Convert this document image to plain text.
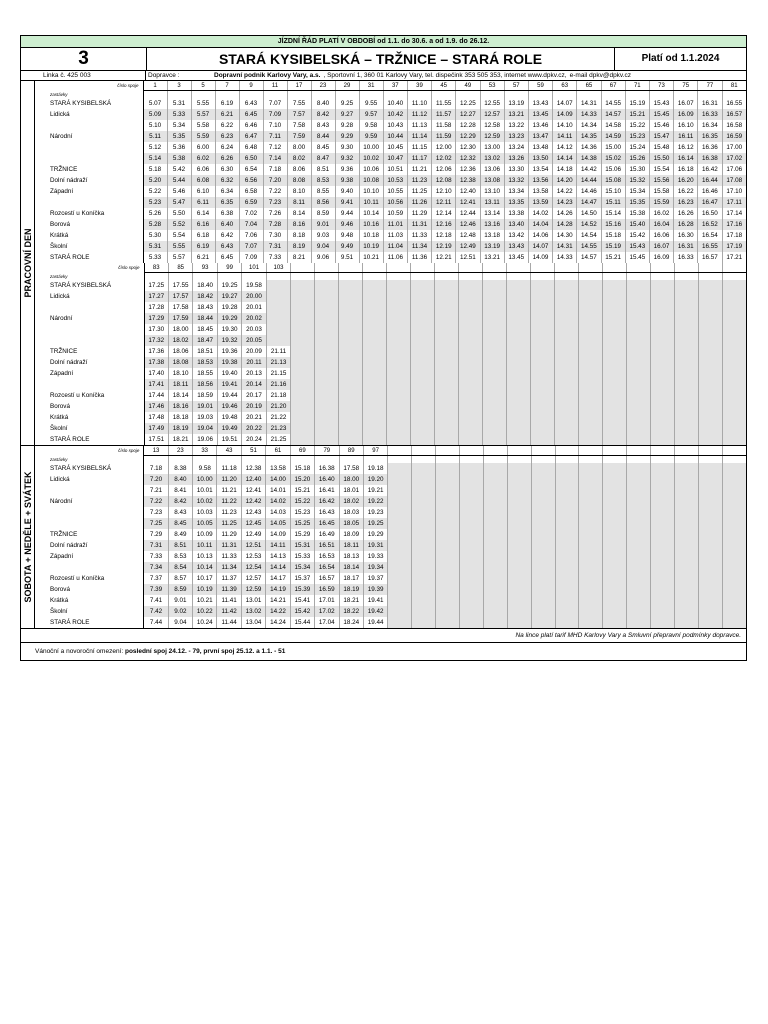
JÍZDNÍ ŘÁD PLATÍ V OBDOBÍ od 1.1. do 30.6. a od 1.9. do 26.12.
3	STARÁ KYSIBELSKÁ – TRŽNICE – STARÁ ROLE	Platí od 1.1.2024
Linka č. 425 003	Dopravce :	Dopravní podnik Karlovy Vary, a.s. , Sportovní 1, 360 01 Karlovy Vary, tel. dispečink 353 505 353, internet www.dpkv.cz, e-mail dpkv@dpkv.cz
PRACOVNÍ DEN
číslo spoje	1	3	5	7	9	11	17	23	29	31	37	39	45	49	53	57	59	63	65	67	71	73	75	77	81
zastávky																									
STARÁ KYSIBELSKÁ	5.07	5.31	5.55	6.19	6.43	7.07	7.55	8.40	9.25	9.55	10.40	11.10	11.55	12.25	12.55	13.19	13.43	14.07	14.31	14.55	15.19	15.43	16.07	16.31	16.55
Lidická	5.09	5.33	5.57	6.21	6.45	7.09	7.57	8.42	9.27	9.57	10.42	11.12	11.57	12.27	12.57	13.21	13.45	14.09	14.33	14.57	15.21	15.45	16.09	16.33	16.57
	5.10	5.34	5.58	6.22	6.46	7.10	7.58	8.43	9.28	9.58	10.43	11.13	11.58	12.28	12.58	13.22	13.46	14.10	14.34	14.58	15.22	15.46	16.10	16.34	16.58
Národní	5.11	5.35	5.59	6.23	6.47	7.11	7.59	8.44	9.29	9.59	10.44	11.14	11.59	12.29	12.59	13.23	13.47	14.11	14.35	14.59	15.23	15.47	16.11	16.35	16.59
	5.12	5.36	6.00	6.24	6.48	7.12	8.00	8.45	9.30	10.00	10.45	11.15	12.00	12.30	13.00	13.24	13.48	14.12	14.36	15.00	15.24	15.48	16.12	16.36	17.00
	5.14	5.38	6.02	6.26	6.50	7.14	8.02	8.47	9.32	10.02	10.47	11.17	12.02	12.32	13.02	13.26	13.50	14.14	14.38	15.02	15.26	15.50	16.14	16.38	17.02
TRŽNICE	5.18	5.42	6.06	6.30	6.54	7.18	8.06	8.51	9.36	10.06	10.51	11.21	12.06	12.36	13.06	13.30	13.54	14.18	14.42	15.06	15.30	15.54	16.18	16.42	17.06
Dolní nádraží	5.20	5.44	6.08	6.32	6.56	7.20	8.08	8.53	9.38	10.08	10.53	11.23	12.08	12.38	13.08	13.32	13.56	14.20	14.44	15.08	15.32	15.56	16.20	16.44	17.08
Západní	5.22	5.46	6.10	6.34	6.58	7.22	8.10	8.55	9.40	10.10	10.55	11.25	12.10	12.40	13.10	13.34	13.58	14.22	14.46	15.10	15.34	15.58	16.22	16.46	17.10
	5.23	5.47	6.11	6.35	6.59	7.23	8.11	8.56	9.41	10.11	10.56	11.26	12.11	12.41	13.11	13.35	13.59	14.23	14.47	15.11	15.35	15.59	16.23	16.47	17.11
Rozcestí u Koníčka	5.26	5.50	6.14	6.38	7.02	7.26	8.14	8.59	9.44	10.14	10.59	11.29	12.14	12.44	13.14	13.38	14.02	14.26	14.50	15.14	15.38	16.02	16.26	16.50	17.14
Borová	5.28	5.52	6.16	6.40	7.04	7.28	8.16	9.01	9.46	10.16	11.01	11.31	12.16	12.46	13.16	13.40	14.04	14.28	14.52	15.16	15.40	16.04	16.28	16.52	17.16
Krátká	5.30	5.54	6.18	6.42	7.06	7.30	8.18	9.03	9.48	10.18	11.03	11.33	12.18	12.48	13.18	13.42	14.06	14.30	14.54	15.18	15.42	16.06	16.30	16.54	17.18
Školní	5.31	5.55	6.19	6.43	7.07	7.31	8.19	9.04	9.49	10.19	11.04	11.34	12.19	12.49	13.19	13.43	14.07	14.31	14.55	15.19	15.43	16.07	16.31	16.55	17.19
STARÁ ROLE	5.33	5.57	6.21	6.45	7.09	7.33	8.21	9.06	9.51	10.21	11.06	11.36	12.21	12.51	13.21	13.45	14.09	14.33	14.57	15.21	15.45	16.09	16.33	16.57	17.21
číslo spoje	83	85	93	99	101	103																			
zastávky																									
STARÁ KYSIBELSKÁ	17.25	17.55	18.40	19.25	19.58																				
Lidická	17.27	17.57	18.42	19.27	20.00																				
	17.28	17.58	18.43	19.28	20.01																				
Národní	17.29	17.59	18.44	19.29	20.02																				
	17.30	18.00	18.45	19.30	20.03																				
	17.32	18.02	18.47	19.32	20.05																				
TRŽNICE	17.36	18.06	18.51	19.36	20.09	21.11																			
Dolní nádraží	17.38	18.08	18.53	19.38	20.11	21.13																			
Západní	17.40	18.10	18.55	19.40	20.13	21.15																			
	17.41	18.11	18.56	19.41	20.14	21.16																			
Rozcestí u Koníčka	17.44	18.14	18.59	19.44	20.17	21.18																			
Borová	17.46	18.16	19.01	19.46	20.19	21.20																			
Krátká	17.48	18.18	19.03	19.48	20.21	21.22																			
Školní	17.49	18.19	19.04	19.49	20.22	21.23																			
STARÁ ROLE	17.51	18.21	19.06	19.51	20.24	21.25																			
SOBOTA + NEDĚLE + SVÁTEK
číslo spoje	13	23	33	43	51	61	69	79	89	97															
zastávky																									
STARÁ KYSIBELSKÁ	7.18	8.38	9.58	11.18	12.38	13.58	15.18	16.38	17.58	19.18															
Lidická	7.20	8.40	10.00	11.20	12.40	14.00	15.20	16.40	18.00	19.20															
	7.21	8.41	10.01	11.21	12.41	14.01	15.21	16.41	18.01	19.21															
Národní	7.22	8.42	10.02	11.22	12.42	14.02	15.22	16.42	18.02	19.22															
	7.23	8.43	10.03	11.23	12.43	14.03	15.23	16.43	18.03	19.23															
	7.25	8.45	10.05	11.25	12.45	14.05	15.25	16.45	18.05	19.25															
TRŽNICE	7.29	8.49	10.09	11.29	12.49	14.09	15.29	16.49	18.09	19.29															
Dolní nádraží	7.31	8.51	10.11	11.31	12.51	14.11	15.31	16.51	18.11	19.31															
Západní	7.33	8.53	10.13	11.33	12.53	14.13	15.33	16.53	18.13	19.33															
	7.34	8.54	10.14	11.34	12.54	14.14	15.34	16.54	18.14	19.34															
Rozcestí u Koníčka	7.37	8.57	10.17	11.37	12.57	14.17	15.37	16.57	18.17	19.37															
Borová	7.39	8.59	10.19	11.39	12.59	14.19	15.39	16.59	18.19	19.39															
Krátká	7.41	9.01	10.21	11.41	13.01	14.21	15.41	17.01	18.21	19.41															
Školní	7.42	9.02	10.22	11.42	13.02	14.22	15.42	17.02	18.22	19.42															
STARÁ ROLE	7.44	9.04	10.24	11.44	13.04	14.24	15.44	17.04	18.24	19.44															
Na lince platí tarif MHD Karlovy Vary a Smluvní přepravní podmínky dopravce.
Vánoční a novoroční omezení: poslední spoj 24.12. - 79, první spoj 25.12. a 1.1. - 51
